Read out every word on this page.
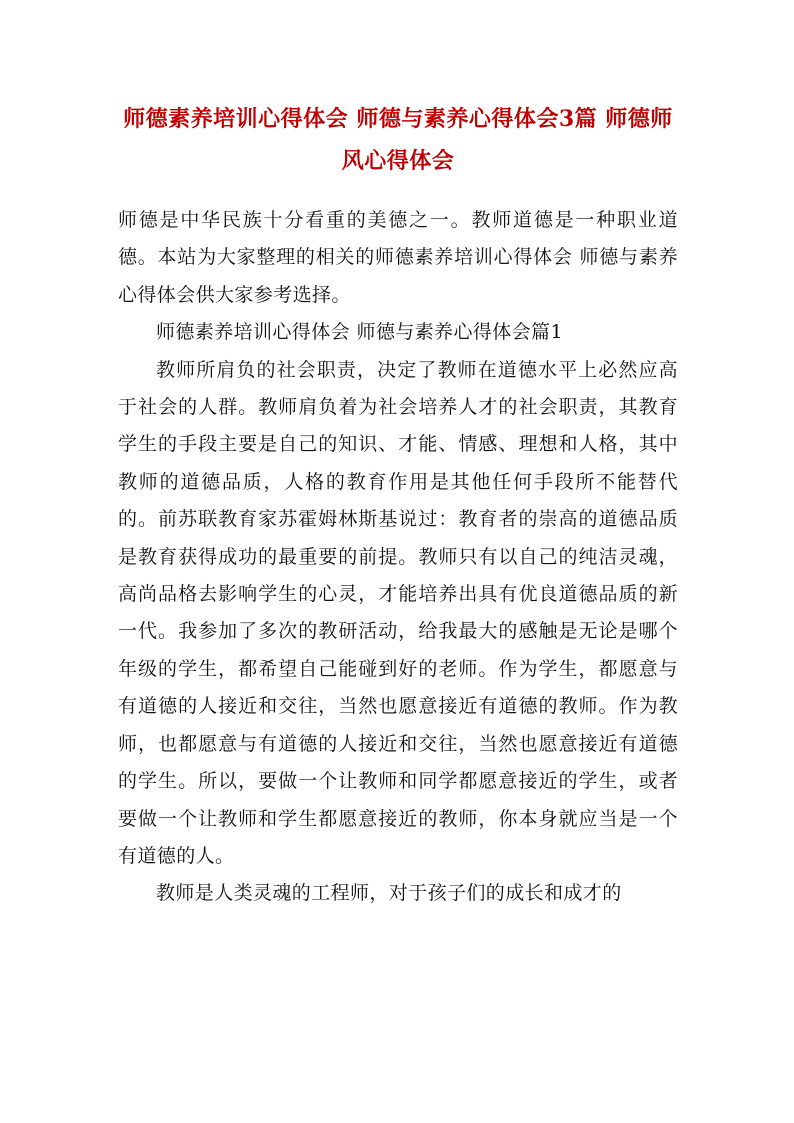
师德素养培训心得体会 师德与素养心得体会3篇 师德师风心得体会

师德是中华民族十分看重的美德之一。教师道德是一种职业道德。本站为大家整理的相关的师德素养培训心得体会 师德与素养心得体会供大家参考选择。

师德素养培训心得体会 师德与素养心得体会篇1

教师所肩负的社会职责，决定了教师在道德水平上必然应高于社会的人群。教师肩负着为社会培养人才的社会职责，其教育学生的手段主要是自己的知识、才能、情感、理想和人格，其中教师的道德品质，人格的教育作用是其他任何手段所不能替代的。前苏联教育家苏霍姆林斯基说过：教育者的崇高的道德品质是教育获得成功的最重要的前提。教师只有以自己的纯洁灵魂，高尚品格去影响学生的心灵，才能培养出具有优良道德品质的新一代。我参加了多次的教研活动，给我最大的感触是无论是哪个年级的学生，都希望自己能碰到好的老师。作为学生，都愿意与有道德的人接近和交往，当然也愿意接近有道德的教师。作为教师，也都愿意与有道德的人接近和交往，当然也愿意接近有道德的学生。所以，要做一个让教师和同学都愿意接近的学生，或者要做一个让教师和学生都愿意接近的教师，你本身就应当是一个有道德的人。

教师是人类灵魂的工程师，对于孩子们的成长和成才的
